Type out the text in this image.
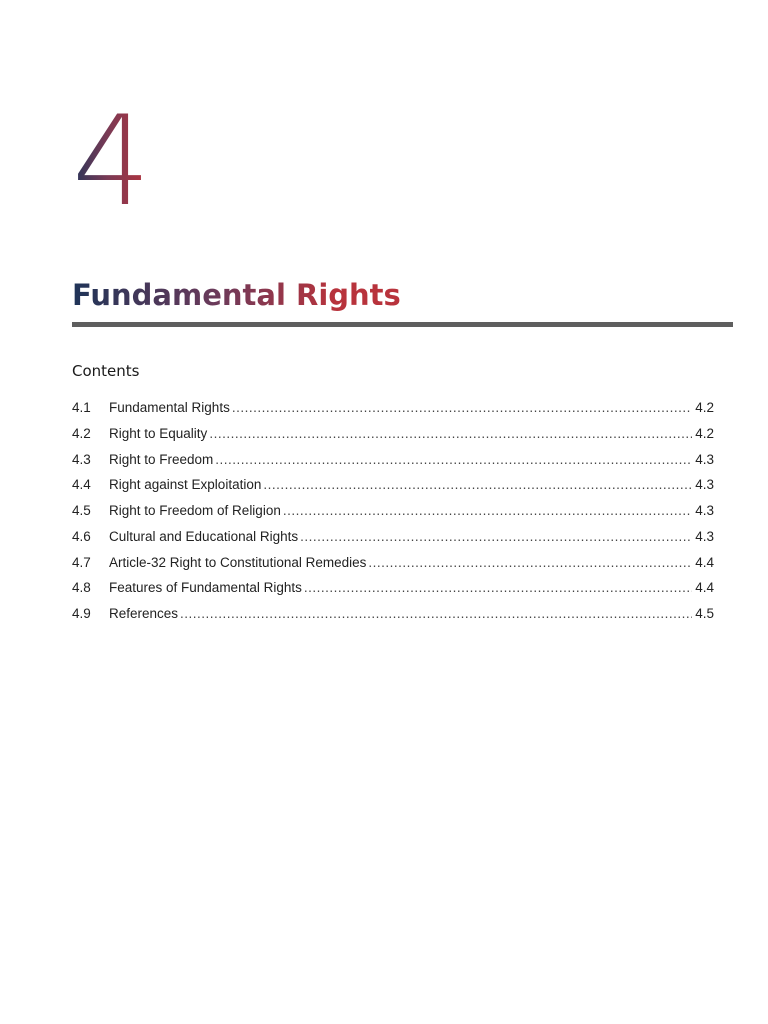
4
Fundamental Rights
Contents
4.1	Fundamental Rights .....	4.2
4.2	Right to Equality .....	4.2
4.3	Right to Freedom .....	4.3
4.4	Right against Exploitation .....	4.3
4.5	Right to Freedom of Religion .....	4.3
4.6	Cultural and Educational Rights .....	4.3
4.7	Article-32 Right to Constitutional Remedies .....	4.4
4.8	Features of Fundamental Rights .....	4.4
4.9	References .....	4.5
